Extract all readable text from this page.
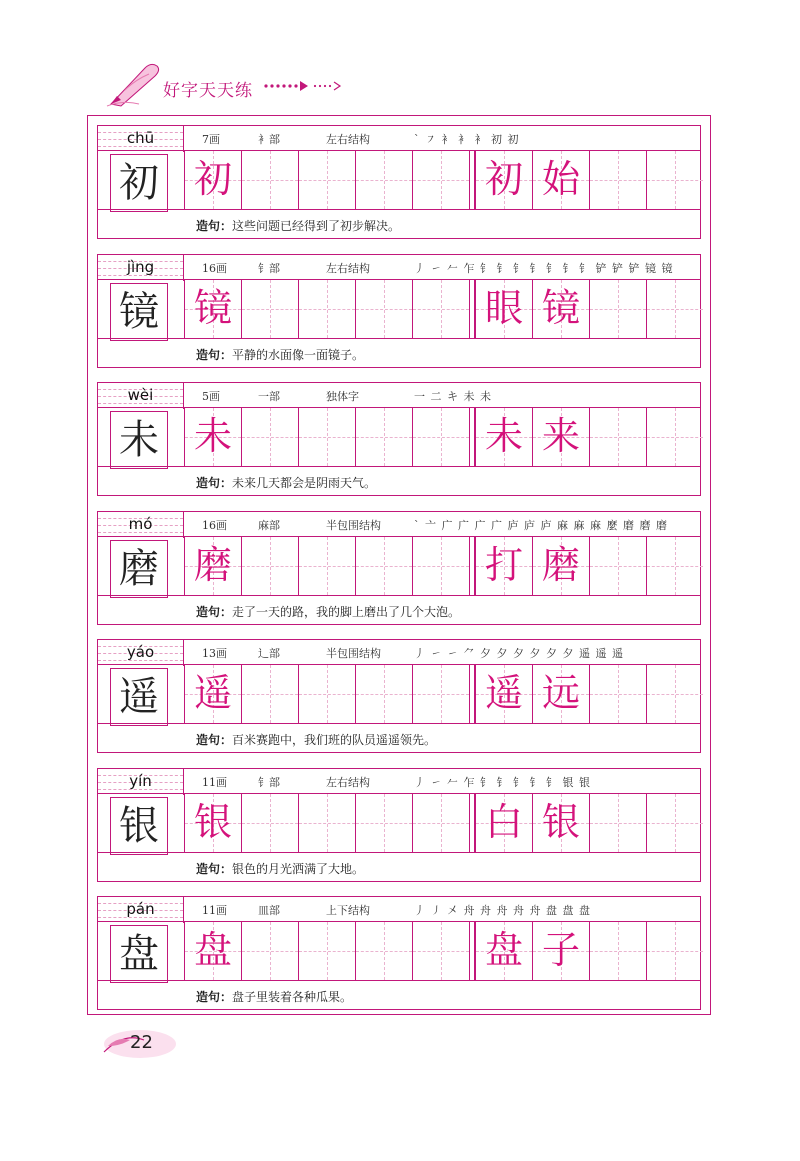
好字天天练
chū	7画	衤部	左右结构	` ㇇ 衤 衤 衤 初 初
初 初	初 始
造句：这些问题已经得到了初步解决。
jìng	16画	钅部	左右结构	丿 ㇀ 𠂉 乍 钅 钅 钅 钅 钅 钅 钅 铲 铲 铲 镜 镜
镜 镜	眼 镜
造句：平静的水面像一面镜子。
wèi	5画	一部	独体字	一 二 キ 未 未
未 未	未 来
造句：未来几天都会是阴雨天气。
mó	16画	麻部	半包围结构	` 亠 广 广 广 广 庐 庐 庐 麻 麻 麻 麼 磨 磨 磨
磨 磨	打 磨
造句：走了一天的路，我的脚上磨出了几个大泡。
yáo	13画	辶部	半包围结构	丿 ㇀ ㇀ ⺈ 夕 夕 夕 夕 夕 夕 遥 遥 遥
遥 遥	遥 远
造句：百米赛跑中，我们班的队员遥遥领先。
yín	11画	钅部	左右结构	丿 ㇀ 𠂉 乍 钅 钅 钅 钅 钅 银 银
银 银	白 银
造句：银色的月光洒满了大地。
pán	11画	皿部	上下结构	丿 ㇓ 㐅 舟 舟 舟 舟 舟 盘 盘 盘
盘 盘	盘 子
造句：盘子里装着各种瓜果。
22
